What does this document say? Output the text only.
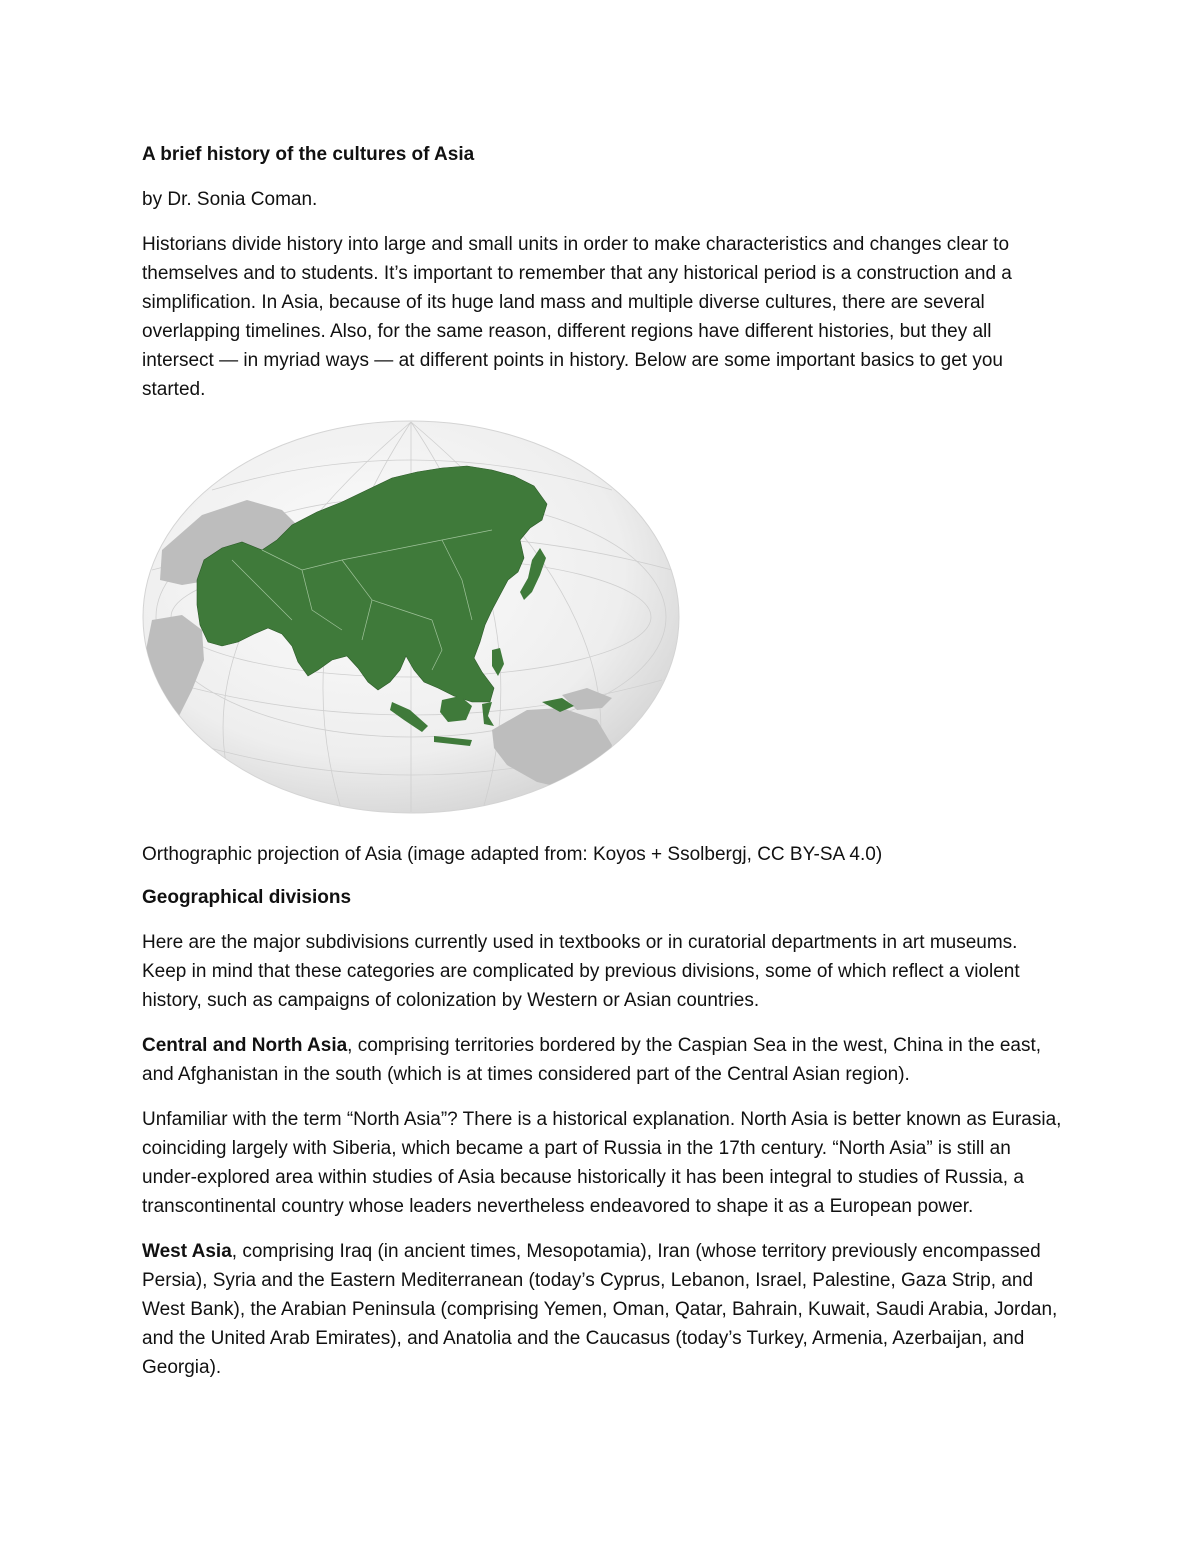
A brief history of the cultures of Asia
by Dr. Sonia Coman.

Historians divide history into large and small units in order to make characteristics and changes clear to themselves and to students. It’s important to remember that any historical period is a construction and a simplification. In Asia, because of its huge land mass and multiple diverse cultures, there are several overlapping timelines. Also, for the same reason, different regions have different histories, but they all intersect — in myriad ways — at different points in history. Below are some important basics to get you started.

Orthographic projection of Asia (image adapted from: Koyos + Ssolbergj, CC BY-SA 4.0)
Geographical divisions

Here are the major subdivisions currently used in textbooks or in curatorial departments in art museums. Keep in mind that these categories are complicated by previous divisions, some of which reflect a violent history, such as campaigns of colonization by Western or Asian countries.

Central and North Asia, comprising territories bordered by the Caspian Sea in the west, China in the east, and Afghanistan in the south (which is at times considered part of the Central Asian region).

Unfamiliar with the term “North Asia”? There is a historical explanation. North Asia is better known as Eurasia, coinciding largely with Siberia, which became a part of Russia in the 17th century. “North Asia” is still an under-explored area within studies of Asia because historically it has been integral to studies of Russia, a transcontinental country whose leaders nevertheless endeavored to shape it as a European power.

West Asia, comprising Iraq (in ancient times, Mesopotamia), Iran (whose territory previously encompassed Persia), Syria and the Eastern Mediterranean (today’s Cyprus, Lebanon, Israel, Palestine, Gaza Strip, and West Bank), the Arabian Peninsula (comprising Yemen, Oman, Qatar, Bahrain, Kuwait, Saudi Arabia, Jordan, and the United Arab Emirates), and Anatolia and the Caucasus (today’s Turkey, Armenia, Azerbaijan, and Georgia).
